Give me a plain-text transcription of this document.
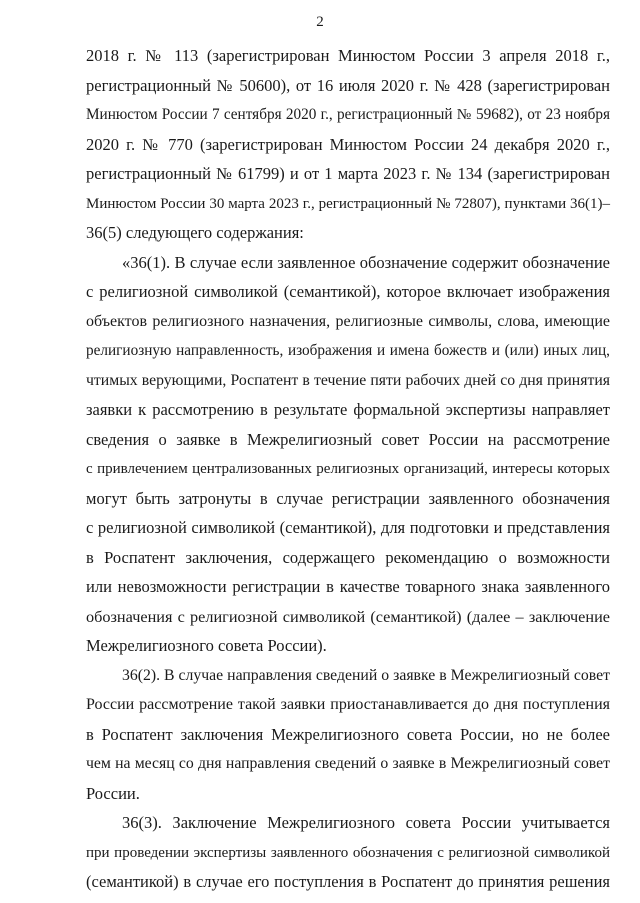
2
2018 г. № 113 (зарегистрирован Минюстом России 3 апреля 2018 г.,
регистрационный № 50600), от 16 июля 2020 г. № 428 (зарегистрирован
Минюстом России 7 сентября 2020 г., регистрационный № 59682), от 23 ноября
2020 г. № 770 (зарегистрирован Минюстом России 24 декабря 2020 г.,
регистрационный № 61799) и от 1 марта 2023 г. № 134 (зарегистрирован
Минюстом России 30 марта 2023 г., регистрационный № 72807), пунктами 36(1)–
36(5) следующего содержания:
«36(1). В случае если заявленное обозначение содержит обозначение
с религиозной символикой (семантикой), которое включает изображения
объектов религиозного назначения, религиозные символы, слова, имеющие
религиозную направленность, изображения и имена божеств и (или) иных лиц,
чтимых верующими, Роспатент в течение пяти рабочих дней со дня принятия
заявки к рассмотрению в результате формальной экспертизы направляет
сведения о заявке в Межрелигиозный совет России на рассмотрение
с привлечением централизованных религиозных организаций, интересы которых
могут быть затронуты в случае регистрации заявленного обозначения
с религиозной символикой (семантикой), для подготовки и представления
в Роспатент заключения, содержащего рекомендацию о возможности
или невозможности регистрации в качестве товарного знака заявленного
обозначения с религиозной символикой (семантикой) (далее – заключение
Межрелигиозного совета России).
36(2). В случае направления сведений о заявке в Межрелигиозный совет
России рассмотрение такой заявки приостанавливается до дня поступления
в Роспатент заключения Межрелигиозного совета России, но не более
чем на месяц со дня направления сведений о заявке в Межрелигиозный совет
России.
36(3). Заключение Межрелигиозного совета России учитывается
при проведении экспертизы заявленного обозначения с религиозной символикой
(семантикой) в случае его поступления в Роспатент до принятия решения
